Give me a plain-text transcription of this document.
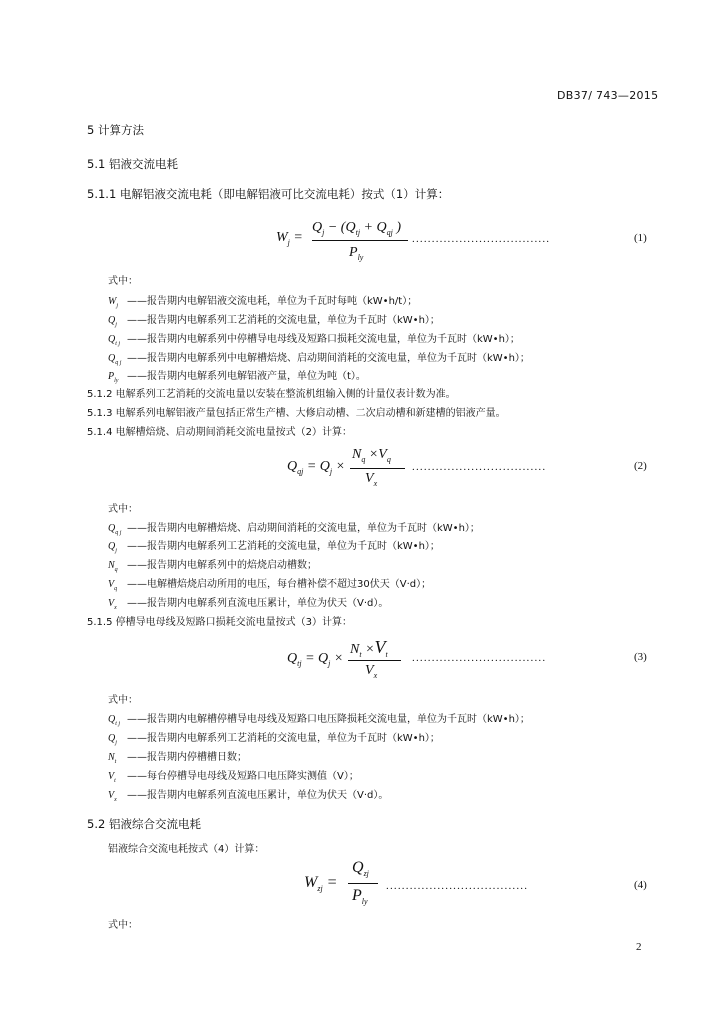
DB37/ 743—2015
5 计算方法
5.1 铝液交流电耗
5.1.1 电解铝液交流电耗（即电解铝液可比交流电耗）按式（1）计算：
$W_j$ =
$Q_j - (Q_{tj} + Q_{qj}$ )
$P_{ly}$
...................................	(1)
式中：
$W_j$ ——报告期内电解铝液交流电耗，单位为千瓦时每吨（kW•h/t）；
$Q_j$ ——报告期内电解系列工艺消耗的交流电量，单位为千瓦时（kW•h）；
$Q_{t j}$ ——报告期内电解系列中停槽导电母线及短路口损耗交流电量，单位为千瓦时（kW•h）；
$Q_{q j}$ ——报告期内电解系列中电解槽焙烧、启动期间消耗的交流电量，单位为千瓦时（kW•h）；
$P_{ly}$ ——报告期内电解系列电解铝液产量，单位为吨（t）。
5.1.2 电解系列工艺消耗的交流电量以安装在整流机组输入侧的计量仪表计数为准。
5.1.3 电解系列电解铝液产量包括正常生产槽、大修启动槽、二次启动槽和新建槽的铝液产量。
5.1.4 电解槽焙烧、启动期间消耗交流电量按式（2）计算：
$Q_{qj} = Q_j$ ×
$N_q \times V_q$
$V_x$
..................................	(2)
式中：
$Q_{q j}$ ——报告期内电解槽焙烧、启动期间消耗的交流电量，单位为千瓦时（kW•h）；
$Q_j$ ——报告期内电解系列工艺消耗的交流电量，单位为千瓦时（kW•h）；
$N_q$ ——报告期内电解系列中的焙烧启动槽数；
$V_q$ ——电解槽焙烧启动所用的电压，每台槽补偿不超过30伏天（V·d）；
$V_x$ ——报告期内电解系列直流电压累计，单位为伏天（V·d）。
5.1.5 停槽导电母线及短路口损耗交流电量按式（3）计算：
$Q_{tj} = Q_j$ ×
$N_t \times V_t$
$V_x$
..................................	(3)
式中：
$Q_{t j}$ ——报告期内电解槽停槽导电母线及短路口电压降损耗交流电量，单位为千瓦时（kW•h）；
$Q_j$ ——报告期内电解系列工艺消耗的交流电量，单位为千瓦时（kW•h）；
$N_t$ ——报告期内停槽槽日数；
$V_t$ ——每台停槽导电母线及短路口电压降实测值（V）；
$V_x$ ——报告期内电解系列直流电压累计，单位为伏天（V·d）。
5.2 铝液综合交流电耗
铝液综合交流电耗按式（4）计算：
$W_{zj}$ =
$Q_{zj}$
$P_{ly}$
....................................	(4)
式中：
2
